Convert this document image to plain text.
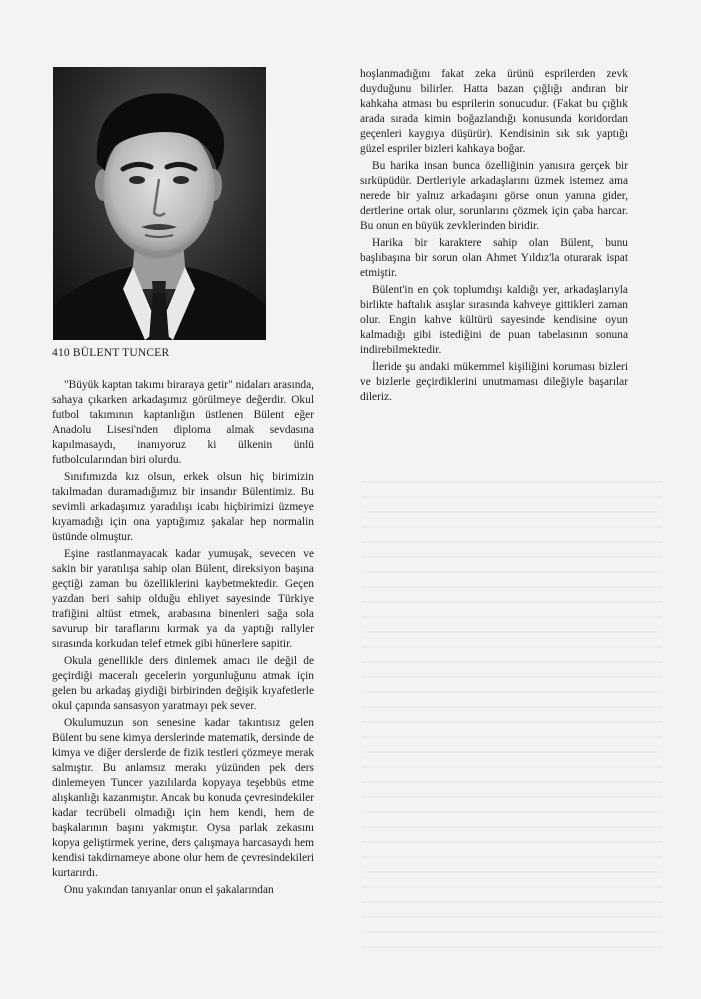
410 BÜLENT TUNCER

"Büyük kaptan takımı biraraya getir" nidaları arasında, sahaya çıkarken arkadaşımız görülmeye değerdir. Okul futbol takımının kaptanlığın üstlenen Bülent eğer Anadolu Lisesi'nden diploma almak sevdasına kapılmasaydı, inanıyoruz ki ülkenin ünlü futbolcularından biri olurdu.

Sınıfımızda kız olsun, erkek olsun hiç birimizin takılmadan duramadığımız bir insandır Bülentimiz. Bu sevimli arkadaşımız yaradılışı icabı hiçbirimizi üzmeye kıyamadığı için ona yaptığımız şakalar hep normalin üstünde olmuştur.

Eşine rastlanmayacak kadar yumuşak, sevecen ve sakin bir yaratılışa sahip olan Bülent, direksiyon başına geçtiği zaman bu özelliklerini kaybetmektedir. Geçen yazdan beri sahip olduğu ehliyet sayesinde Türkiye trafiğini altüst etmek, arabasına binenleri sağa sola savurup bir taraflarını kırmak ya da yaptığı rallyler sırasında korkudan telef etmek gibi hünerlere sapitir.

Okula genellikle ders dinlemek amacı ile değil de geçirdiği maceralı gecelerin yorgunluğunu atmak için gelen bu arkadaş giydiği birbirinden değişik kıyafetlerle okul çapında sansasyon yaratmayı pek sever.

Okulumuzun son senesine kadar takıntısız gelen Bülent bu sene kimya derslerinde matematik, dersinde de kimya ve diğer derslerde de fizik testleri çözmeye merak salmıştır. Bu anlamsız merakı yüzünden pek ders dinlemeyen Tuncer yazılılarda kopyaya teşebbüs etme alışkanlığı kazanmıştır. Ancak bu konuda çevresindekiler kadar tecrübeli olmadığı için hem kendi, hem de başkalarının başını yakmıştır. Oysa parlak zekasını kopya geliştirmek yerine, ders çalışmaya harcasaydı hem kendisi takdirnameye abone olur hem de çevresindekileri kurtarırdı.

Onu yakından tanıyanlar onun el şakalarından

hoşlanmadığını fakat zeka ürünü esprilerden zevk duyduğunu bilirler. Hatta bazan çığlığı andıran bir kahkaha atması bu esprilerin sonucudur. (Fakat bu çığlık arada sırada kimin boğazlandığı konusunda koridordan geçenleri kaygıya düşürür). Kendisinin sık sık yaptığı güzel espriler bizleri kahkaya boğar.

Bu harika insan bunca özelliğinin yanısıra gerçek bir sırküpüdür. Dertleriyle arkadaşlarını üzmek istemez ama nerede bir yalnız arkadaşını görse onun yanına gider, dertlerine ortak olur, sorunlarını çözmek için çaba harcar. Bu onun en büyük zevklerinden biridir.

Harika bir karaktere sahip olan Bülent, bunu başlıbaşına bir sorun olan Ahmet Yıldız'la oturarak ispat etmiştir.

Bülent'in en çok toplumdışı kaldığı yer, arkadaşlarıyla birlikte haftalık asışlar sırasında kahveye gittikleri zaman olur. Engin kahve kültürü sayesinde kendisine oyun kalmadığı gibi istediğini de puan tabelasının sonuna indirebilmektedir.

İleride şu andaki mükemmel kişiliğini koruması bizleri ve bizlerle geçirdiklerini unutmaması dileğiyle başarılar dileriz.
